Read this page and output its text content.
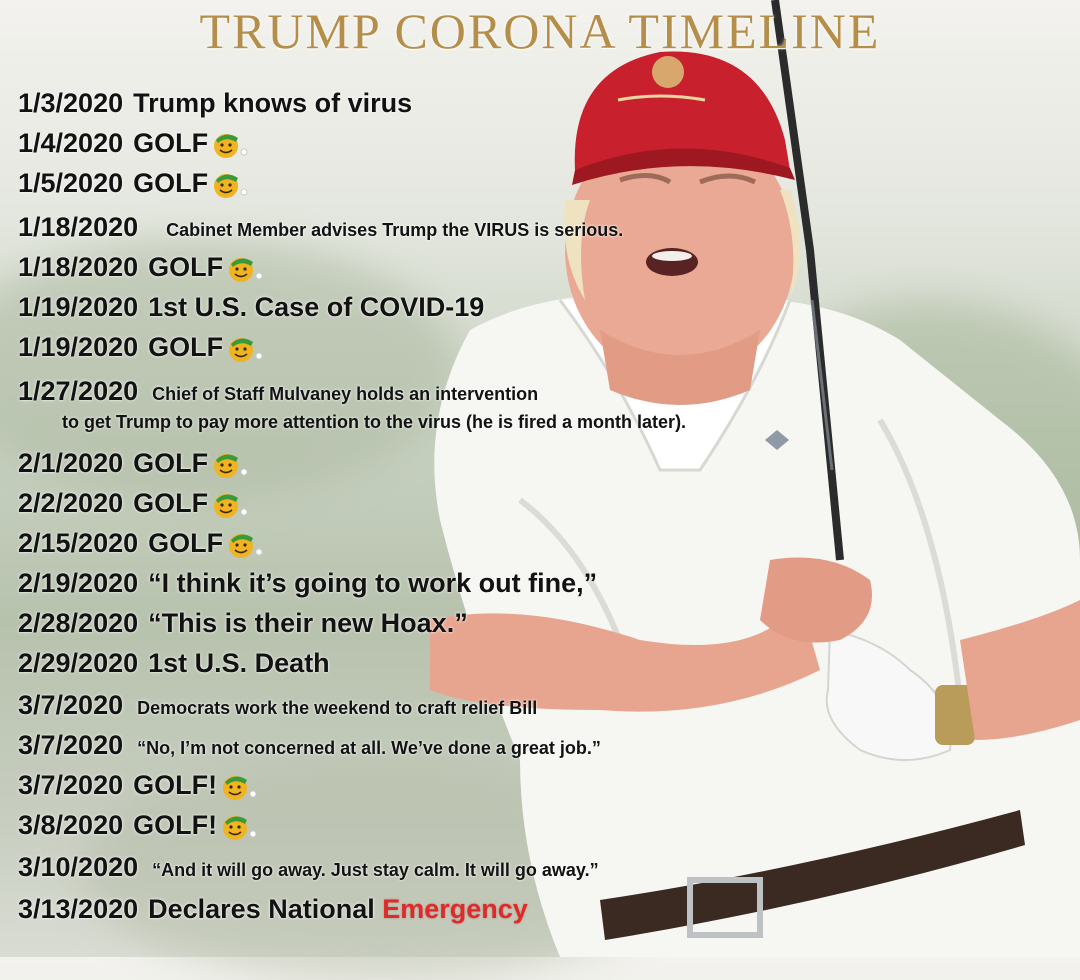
TRUMP CORONA TIMELINE
1/3/2020 Trump knows of virus
1/4/2020 GOLF
1/5/2020 GOLF
1/18/2020 Cabinet Member advises Trump the VIRUS is serious.
1/18/2020 GOLF
1/19/2020 1st U.S. Case of COVID-19
1/19/2020 GOLF
1/27/2020 Chief of Staff Mulvaney holds an intervention
2/1/2020 GOLF
2/2/2020 GOLF
2/15/2020 GOLF
2/19/2020 “I think it’s going to work out fine,”
2/28/2020 “This is their new Hoax.”
2/29/2020 1st U.S. Death
3/7/2020 Democrats work the weekend to craft relief Bill
3/7/2020 “No, I’m not concerned at all. We’ve done a great job.”
3/7/2020 GOLF!
3/8/2020 GOLF!
3/10/2020 “And it will go away. Just stay calm. It will go away.”
3/13/2020 Declares National Emergency
to get Trump to pay more attention to the virus (he is fired a month later).
